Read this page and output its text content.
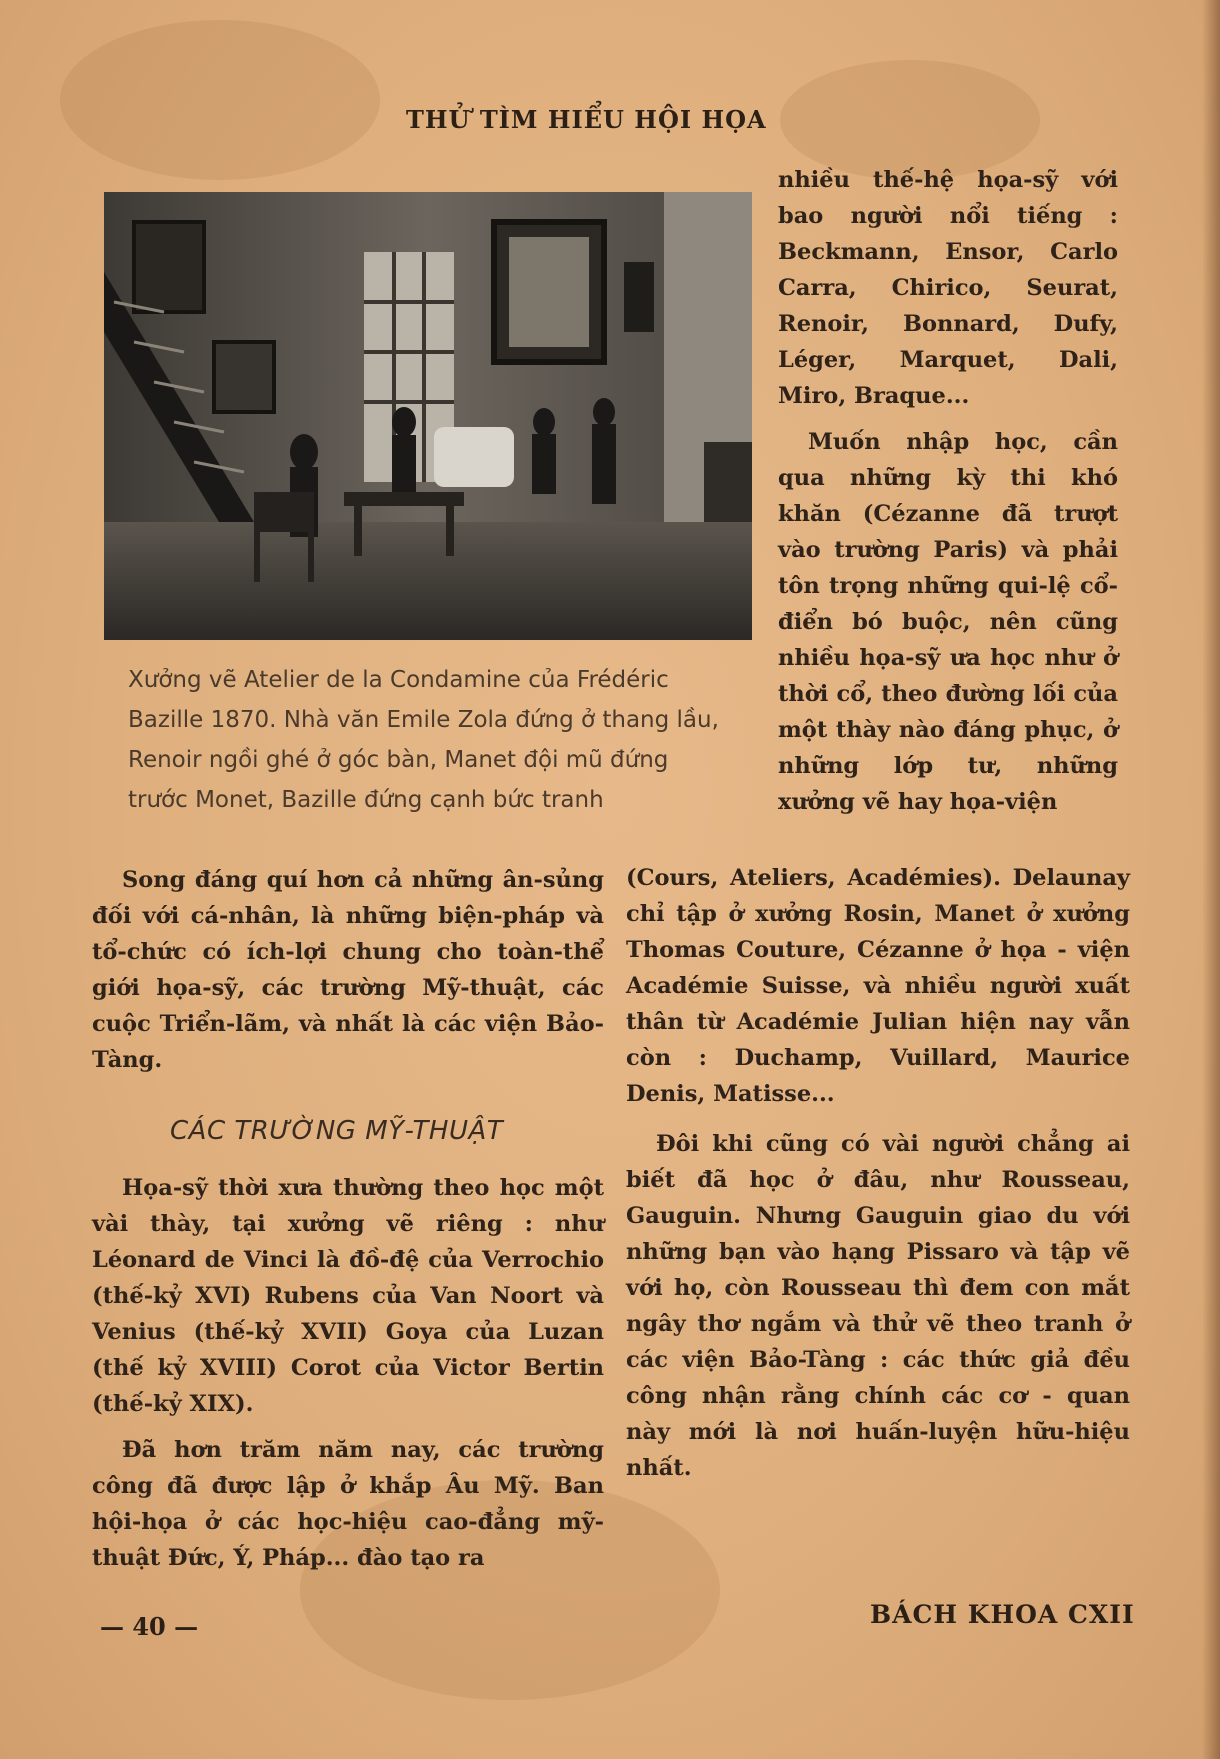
THỬ TÌM HIỂU HỘI HỌA
Xưởng vẽ Atelier de la Condamine của Frédéric Bazille 1870. Nhà văn Emile Zola đứng ở thang lầu, Renoir ngồi ghé ở góc bàn, Manet đội mũ đứng trước Monet, Bazille đứng cạnh bức tranh

nhiều thế-hệ họa-sỹ với bao người nổi tiếng : Beckmann, Ensor, Carlo Carra, Chirico, Seurat, Renoir, Bonnard, Dufy, Léger, Marquet, Dali, Miro, Braque...

Muốn nhập học, cần qua những kỳ thi khó khăn (Cézanne đã trượt vào trường Paris) và phải tôn trọng những qui-lệ cổ-điển bó buộc, nên cũng nhiều họa-sỹ ưa học như ở thời cổ, theo đường lối của một thày nào đáng phục, ở những lớp tư, những xưởng vẽ hay họa-viện

Song đáng quí hơn cả những ân-sủng đối với cá-nhân, là những biện-pháp và tổ-chức có ích-lợi chung cho toàn-thể giới họa-sỹ, các trường Mỹ-thuật, các cuộc Triển-lãm, và nhất là các viện Bảo-Tàng.

CÁC TRƯỜNG MỸ-THUẬT

Họa-sỹ thời xưa thường theo học một vài thày, tại xưởng vẽ riêng : như Léonard de Vinci là đồ-đệ của Verrochio (thế-kỷ XVI) Rubens của Van Noort và Venius (thế-kỷ XVII) Goya của Luzan (thế kỷ XVIII) Corot của Victor Bertin (thế-kỷ XIX).

Đã hơn trăm năm nay, các trường công đã được lập ở khắp Âu Mỹ. Ban hội-họa ở các học-hiệu cao-đẳng mỹ-thuật Đức, Ý, Pháp... đào tạo ra

(Cours, Ateliers, Académies). Delaunay chỉ tập ở xưởng Rosin, Manet ở xưởng Thomas Couture, Cézanne ở họa - viện Académie Suisse, và nhiều người xuất thân từ Académie Julian hiện nay vẫn còn : Duchamp, Vuillard, Maurice Denis, Matisse...

Đôi khi cũng có vài người chẳng ai biết đã học ở đâu, như Rousseau, Gauguin. Nhưng Gauguin giao du với những bạn vào hạng Pissaro và tập vẽ với họ, còn Rousseau thì đem con mắt ngây thơ ngắm và thử vẽ theo tranh ở các viện Bảo-Tàng : các thức giả đều công nhận rằng chính các cơ - quan này mới là nơi huấn-luyện hữu-hiệu nhất.

— 40 —	BÁCH KHOA CXII
